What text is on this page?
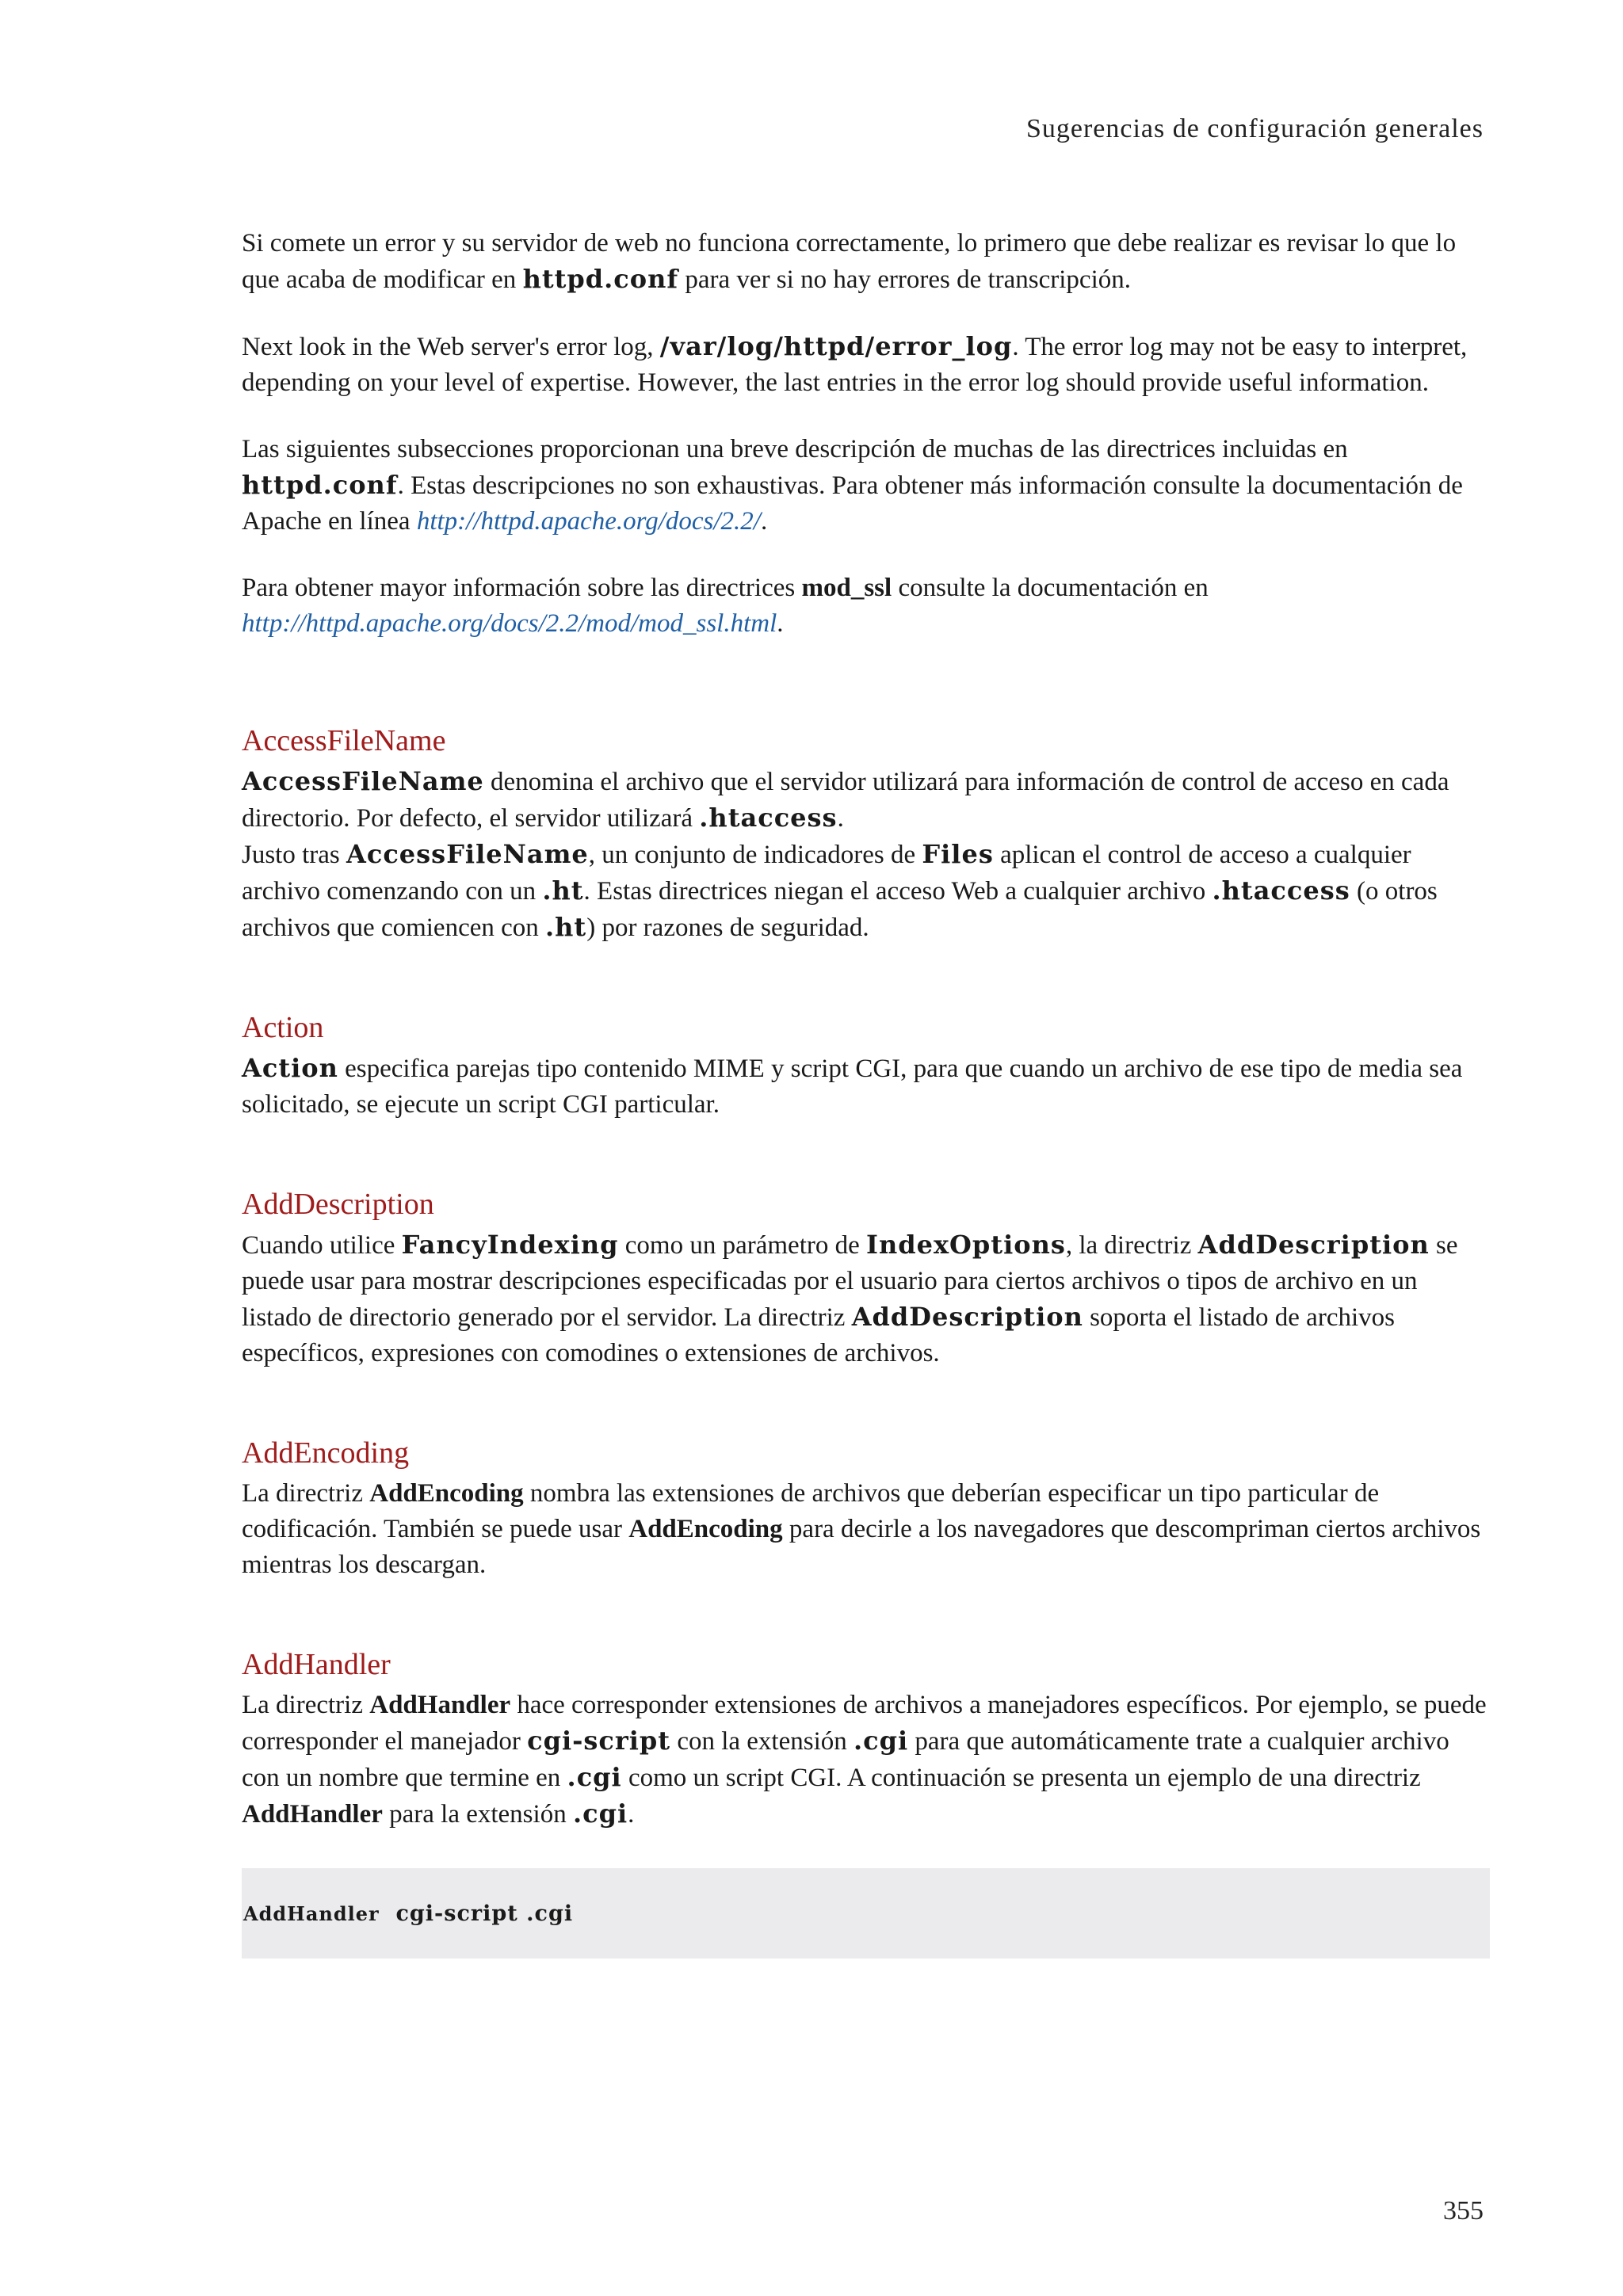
Sugerencias de configuración generales

Si comete un error y su servidor de web no funciona correctamente, lo primero que debe realizar es revisar lo que lo que acaba de modificar en httpd.conf para ver si no hay errores de transcripción.

Next look in the Web server's error log, /var/log/httpd/error_log. The error log may not be easy to interpret, depending on your level of expertise. However, the last entries in the error log should provide useful information.

Las siguientes subsecciones proporcionan una breve descripción de muchas de las directrices incluidas en httpd.conf. Estas descripciones no son exhaustivas. Para obtener más información consulte la documentación de Apache en línea http://httpd.apache.org/docs/2.2/.

Para obtener mayor información sobre las directrices mod_ssl consulte la documentación en http://httpd.apache.org/docs/2.2/mod/mod_ssl.html.

AccessFileName

AccessFileName denomina el archivo que el servidor utilizará para información de control de acceso en cada directorio. Por defecto, el servidor utilizará .htaccess.

Justo tras AccessFileName, un conjunto de indicadores de Files aplican el control de acceso a cualquier archivo comenzando con un .ht. Estas directrices niegan el acceso Web a cualquier archivo .htaccess (o otros archivos que comiencen con .ht) por razones de seguridad.

Action

Action especifica parejas tipo contenido MIME y script CGI, para que cuando un archivo de ese tipo de media sea solicitado, se ejecute un script CGI particular.

AddDescription

Cuando utilice FancyIndexing como un parámetro de IndexOptions, la directriz AddDescription se puede usar para mostrar descripciones especificadas por el usuario para ciertos archivos o tipos de archivo en un listado de directorio generado por el servidor. La directriz AddDescription soporta el listado de archivos específicos, expresiones con comodines o extensiones de archivos.

AddEncoding

La directriz AddEncoding nombra las extensiones de archivos que deberían especificar un tipo particular de codificación. También se puede usar AddEncoding para decirle a los navegadores que descompriman ciertos archivos mientras los descargan.

AddHandler

La directriz AddHandler hace corresponder extensiones de archivos a manejadores específicos. Por ejemplo, se puede corresponder el manejador cgi-script con la extensión .cgi para que automáticamente trate a cualquier archivo con un nombre que termine en .cgi como un script CGI. A continuación se presenta un ejemplo de una directriz AddHandler para la extensión .cgi.

AddHandler
cgi-script .cgi
355
